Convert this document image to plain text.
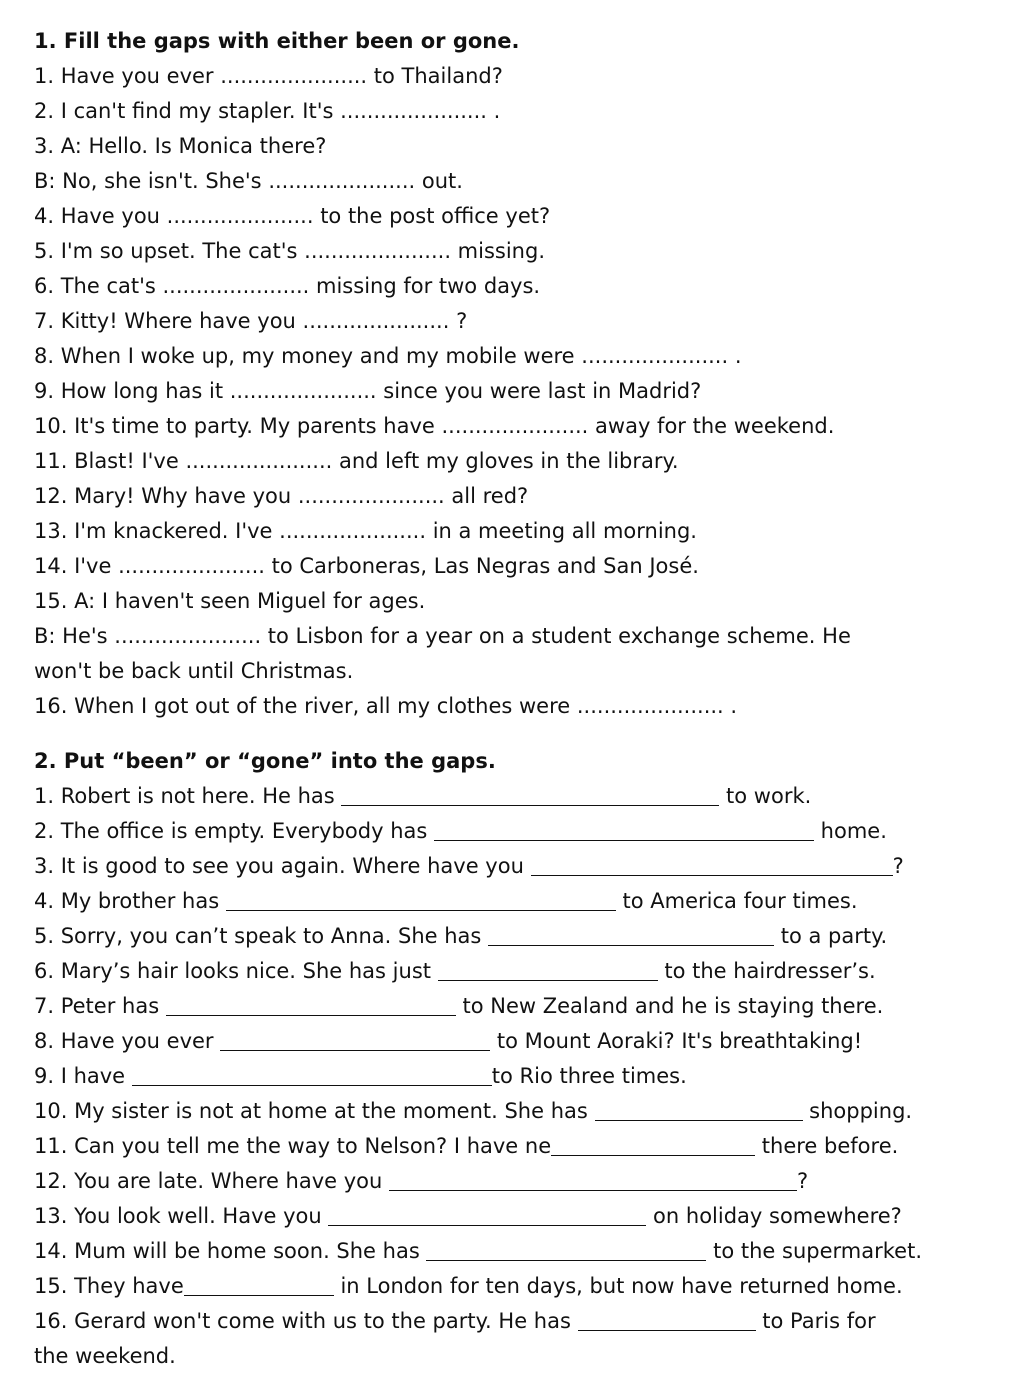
1. Fill the gaps with either been or gone.
1. Have you ever ...................... to Thailand?
2. I can't find my stapler. It's ...................... .
3. A: Hello. Is Monica there?
B: No, she isn't. She's ...................... out.
4. Have you ...................... to the post office yet?
5. I'm so upset. The cat's ...................... missing.
6. The cat's ...................... missing for two days.
7. Kitty! Where have you ...................... ?
8. When I woke up, my money and my mobile were ...................... .
9. How long has it ...................... since you were last in Madrid?
10. It's time to party. My parents have ...................... away for the weekend.
11. Blast! I've ...................... and left my gloves in the library.
12. Mary! Why have you ...................... all red?
13. I'm knackered. I've ...................... in a meeting all morning.
14. I've ...................... to Carboneras, Las Negras and San José.
15. A: I haven't seen Miguel for ages.
B: He's ...................... to Lisbon for a year on a student exchange scheme. He
won't be back until Christmas.
16. When I got out of the river, all my clothes were ...................... .
2. Put “been” or “gone” into the gaps.
1. Robert is not here. He has	to work.
2. The office is empty. Everybody has	home.
3. It is good to see you again. Where have you	?
4. My brother has	to America four times.
5. Sorry, you can’t speak to Anna. She has	to a party.
6. Mary’s hair looks nice. She has just	to the hairdresser’s.
7. Peter has	to New Zealand and he is staying there.
8. Have you ever	to Mount Aoraki? It's breathtaking!
9. I have	to Rio three times.
10. My sister is not at home at the moment. She has	shopping.
11. Can you tell me the way to Nelson? I have ne	there before.
12. You are late. Where have you	?
13. You look well. Have you	on holiday somewhere?
14. Mum will be home soon. She has	to the supermarket.
15. They have	in London for ten days, but now have returned home.
16. Gerard won't come with us to the party. He has	to Paris for
the weekend.
